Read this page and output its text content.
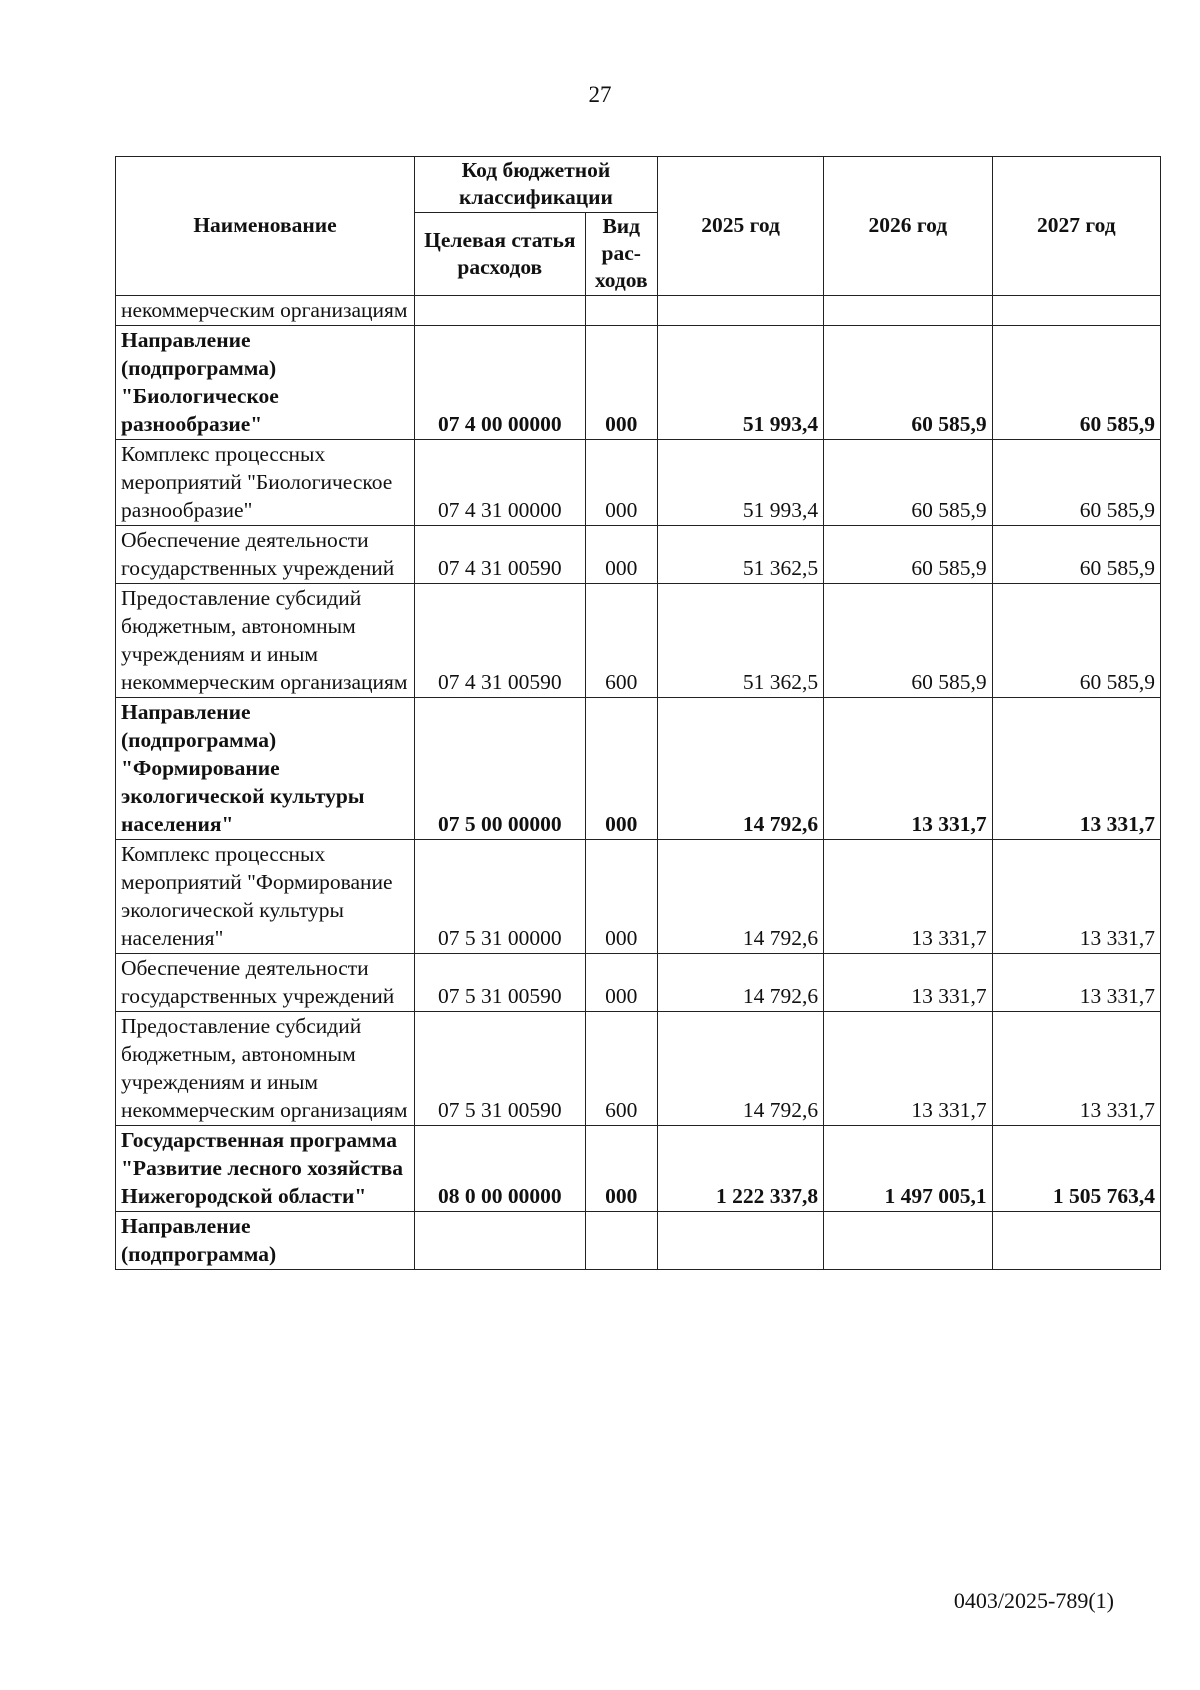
27
Наименование	Код бюджетной классификации		2025 год	2026 год	2027 год
	Целевая статья расходов	Вид рас-ходов			
некоммерческим организациям					
Направление (подпрограмма) "Биологическое разнообразие"	07 4 00 00000	000	51 993,4	60 585,9	60 585,9
Комплекс процессных мероприятий "Биологическое разнообразие"	07 4 31 00000	000	51 993,4	60 585,9	60 585,9
Обеспечение деятельности государственных учреждений	07 4 31 00590	000	51 362,5	60 585,9	60 585,9
Предоставление субсидий бюджетным, автономным учреждениям и иным некоммерческим организациям	07 4 31 00590	600	51 362,5	60 585,9	60 585,9
Направление (подпрограмма) "Формирование экологической культуры населения"	07 5 00 00000	000	14 792,6	13 331,7	13 331,7
Комплекс процессных мероприятий "Формирование экологической культуры населения"	07 5 31 00000	000	14 792,6	13 331,7	13 331,7
Обеспечение деятельности государственных учреждений	07 5 31 00590	000	14 792,6	13 331,7	13 331,7
Предоставление субсидий бюджетным, автономным учреждениям и иным некоммерческим организациям	07 5 31 00590	600	14 792,6	13 331,7	13 331,7
Государственная программа "Развитие лесного хозяйства Нижегородской области"	08 0 00 00000	000	1 222 337,8	1 497 005,1	1 505 763,4
Направление (подпрограмма)					
0403/2025-789(1)
